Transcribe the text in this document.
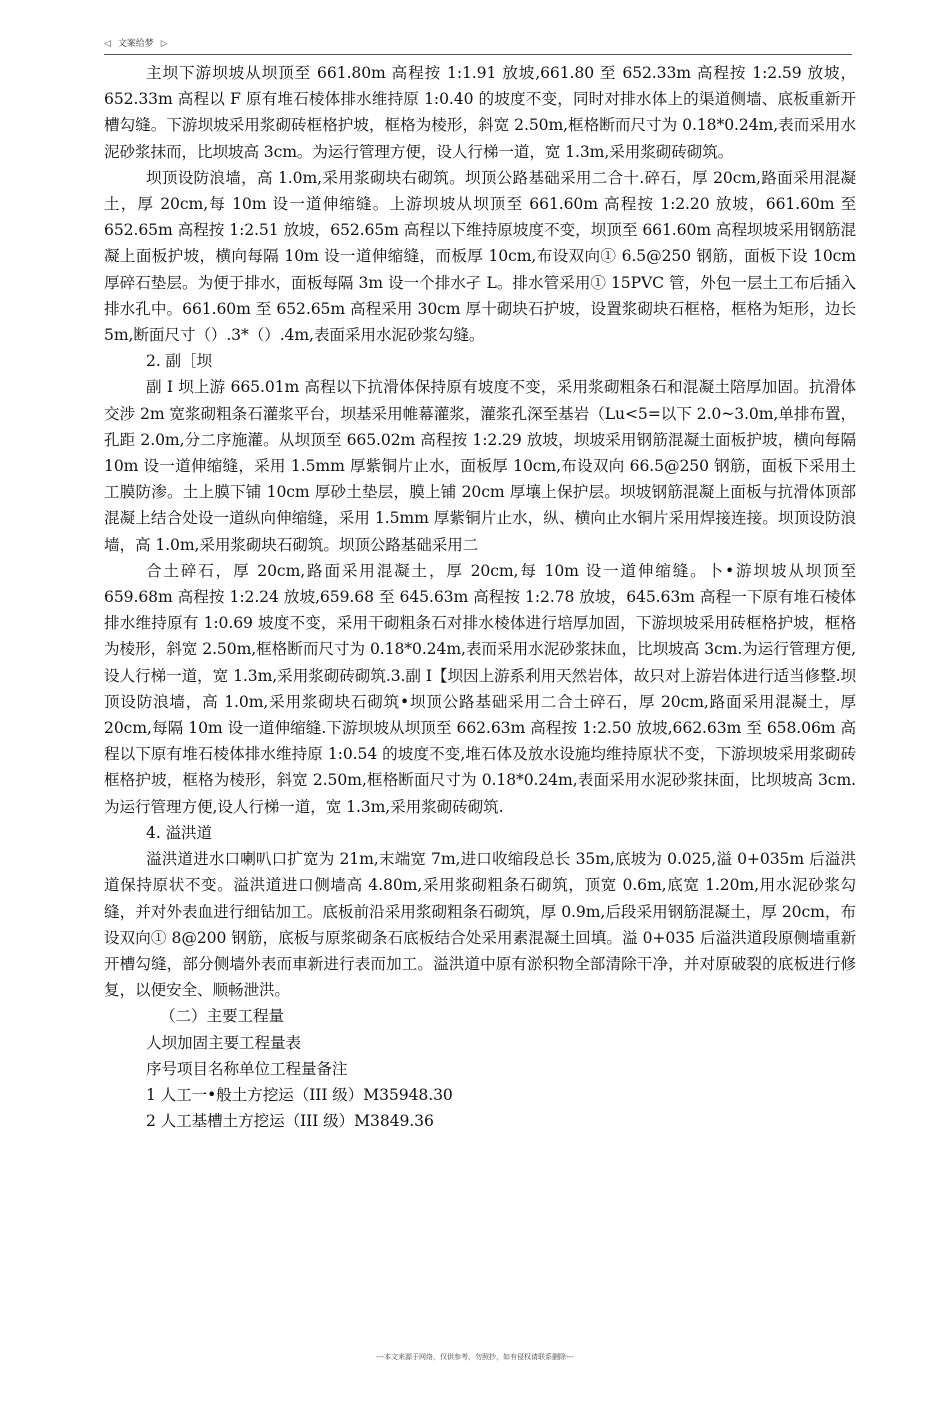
◁ 文案给梦 ▷

主坝下游坝坡从坝顶至 661.80m 高程按 1:1.91 放坡,661.80 至 652.33m 高程按 1:2.59 放坡，652.33m 高程以 F 原有堆石棱体排水维持原 1:0.40 的坡度不变，同时对排水体上的渠道侧墙、底板重新开槽勾缝。下游坝坡采用浆砌砖框格护坡，框格为棱形，斜宽 2.50m,框格断而尺寸为 0.18*0.24m,表而采用水泥砂浆抹而，比坝坡高 3cm。为运行管理方便，设人行梯一道，宽 1.3m,采用浆砌砖砌筑。

坝顶设防浪墙，高 1.0m,采用浆砌块右砌筑。坝顶公路基础采用二合十.碎石，厚 20cm,路面采用混凝土，厚 20cm,每 10m 设一道伸缩缝。上游坝坡从坝顶至 661.60m 高程按 1:2.20 放坡，661.60m 至 652.65m 高程按 1:2.51 放坡，652.65m 高程以下维持原坡度不变，坝顶至 661.60m 高程坝坡采用钢筋混凝上面板护坡，横向每隔 10m 设一道伸缩缝，而板厚 10cm,布设双向① 6.5@250 钢筋，面板下设 10cm 厚碎石垫层。为便于排水，面板每隔 3m 设一个排水孑 L。排水管采用① 15PVC 管，外包一层土工布后插入排水孔中。661.60m 至 652.65m 高程采用 30cm 厚十砌块石护坡，设置浆砌块石框格，框格为矩形，边长 5m,断面尺寸（）.3*（）.4m,表面采用水泥砂浆勾缝。

2. 副［坝

副 I 坝上游 665.01m 高程以下抗滑体保持原有坡度不变，采用浆砌粗条石和混凝土陪厚加固。抗滑体交涉 2m 宽浆砌粗条石灌浆平台，坝基采用帷幕灌浆，灌浆孔深至基岩（Lu<5=以下 2.0~3.0m,单排布置，孔距 2.0m,分二序施灌。从坝顶至 665.02m 高程按 1:2.29 放坡，坝坡采用钢筋混凝土面板护坡，横向每隔 10m 设一道伸缩缝，采用 1.5mm 厚紫铜片止水，面板厚 10cm,布设双向 66.5@250 钢筋，面板下采用土工膜防渗。土上膜下铺 10cm 厚砂土垫层，膜上铺 20cm 厚壤上保护层。坝坡钢筋混凝上面板与抗滑体顶部混凝上结合处设一道纵向伸缩缝，采用 1.5mm 厚紫铜片止水，纵、横向止水铜片采用焊接连接。坝顶设防浪墙，高 1.0m,采用浆砌块石砌筑。坝顶公路基础采用二

合土碎石，厚 20cm,路面采用混凝土，厚 20cm,每 10m 设一道伸缩缝。卜•游坝坡从坝顶至 659.68m 高程按 1:2.24 放坡,659.68 至 645.63m 高程按 1:2.78 放坡，645.63m 高程一下原有堆石棱体排水维持原有 1:0.69 坡度不变，采用干砌粗条石对排水棱体进行培厚加固，下游坝坡采用砖框格护坡，框格为棱形，斜宽 2.50m,框格断而尺寸为 0.18*0.24m,表而采用水泥砂浆抹血，比坝坡高 3cm.为运行管理方便,设人行梯一道，宽 1.3m,采用浆砌砖砌筑.3.副 I【坝因上游系利用天然岩体，故只对上游岩体进行适当修整.坝顶设防浪墙，高 1.0m,采用浆砌块石砌筑•坝顶公路基础采用二合土碎石，厚 20cm,路面采用混凝土，厚 20cm,每隔 10m 设一道伸缩缝.下游坝坡从坝顶至 662.63m 高程按 1:2.50 放坡,662.63m 至 658.06m 高程以下原有堆石棱体排水维持原 1:0.54 的坡度不变,堆石体及放水设施均维持原状不变，下游坝坡采用浆砌砖框格护坡，框格为棱形，斜宽 2.50m,框格断面尺寸为 0.18*0.24m,表面采用水泥砂浆抹面，比坝坡高 3cm.为运行管理方便,设人行梯一道，宽 1.3m,采用浆砌砖砌筑.

4. 溢洪道

溢洪道进水口喇叭口扩宽为 21m,末端宽 7m,进口收缩段总长 35m,底坡为 0.025,溢 0+035m 后溢洪道保持原状不变。溢洪道进口侧墙高 4.80m,采用浆砌粗条石砌筑，顶宽 0.6m,底宽 1.20m,用水泥砂浆勾缝，并对外表血进行细钻加工。底板前沿采用浆砌粗条石砌筑，厚 0.9m,后段采用钢筋混凝土，厚 20cm，布设双向① 8@200 钢筋，底板与原浆砌条石底板结合处采用素混凝土回填。溢 0+035 后溢洪道段原侧墙重新开槽勾缝，部分侧墙外表而車新进行表而加工。溢洪道中原有淤积物全部清除干净，并对原破裂的底板进行修复，以便安全、顺畅泄洪。

（二）主要工程量

人坝加固主要工程量表

序号项目名称单位工程量备注

1 人工一•般土方挖运（III 级）M35948.30

2 人工基槽土方挖运（III 级）M3849.36

---本文来源于网络，仅供参考，勿照抄，如有侵权请联系删除---
